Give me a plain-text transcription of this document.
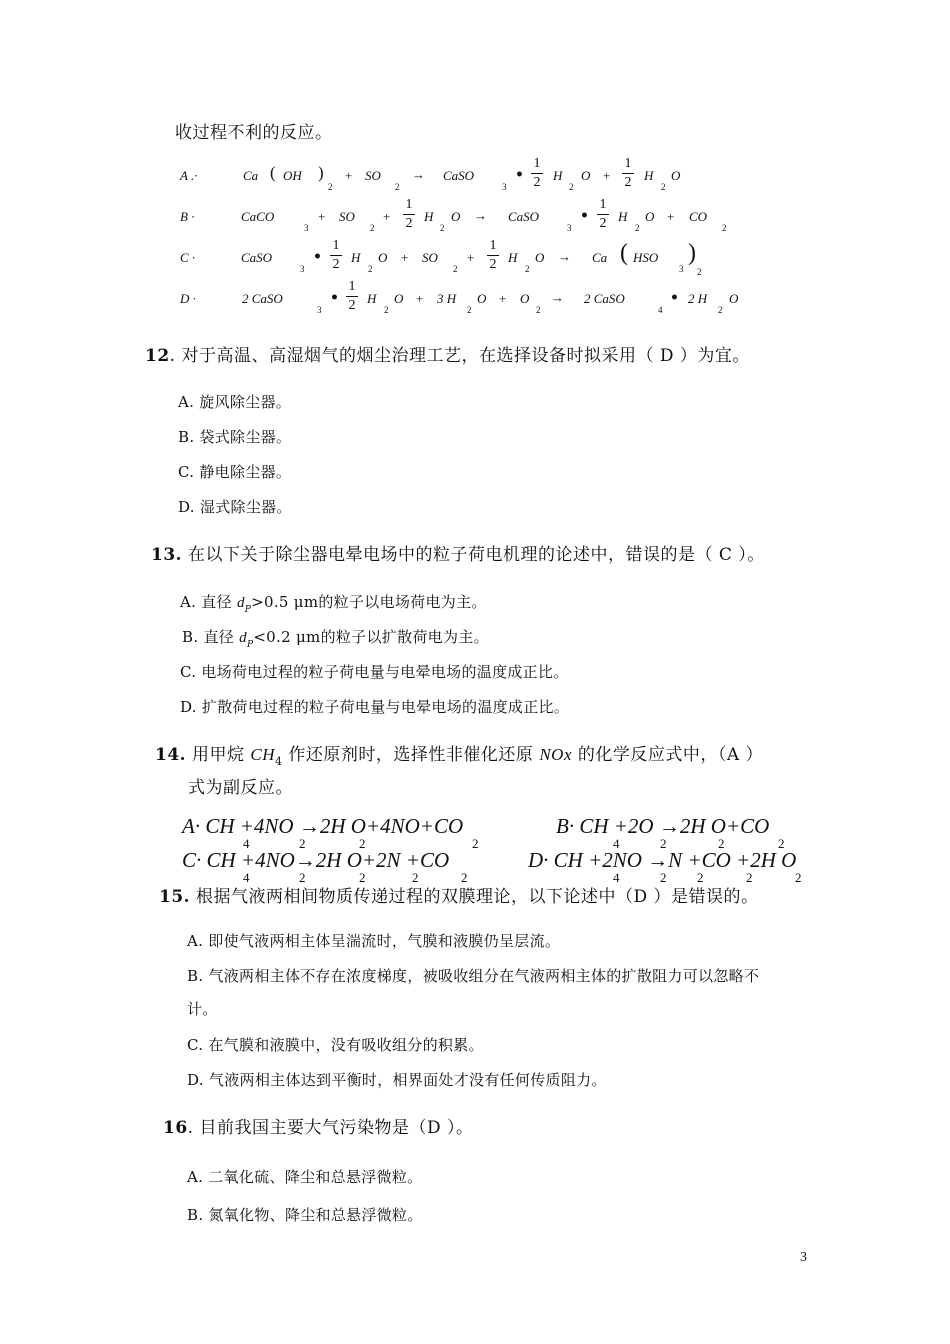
收过程不利的反应。
A .·	Ca ( OH )
2
+ SO
2
→ CaSO
3
•
1
2 H
2
O +
1
2 H
2
O
B ·	CaCO
3
+ SO
2
+
1
2 H
2
O → CaSO
3
•
1
2 H
2
O + CO
2
C ·	CaSO
3
•
1
2 H
2
O + SO
2
+
1
2 H
2
O → Ca ( HSO
3
)
2
D ·	2 CaSO
3
•
1
2 H
2
O + 3 H
2
O + O
2
→ 2 CaSO
4
• 2 H
2
O
12. 对于高温、高湿烟气的烟尘治理工艺，在选择设备时拟采用（ D ）为宜。
A. 旋风除尘器。
B. 袋式除尘器。
C. 静电除尘器。
D. 湿式除尘器。
13. 在以下关于除尘器电晕电场中的粒子荷电机理的论述中，错误的是（ C ）。
A. 直径 $d_P>0.5$ μm的粒子以电场荷电为主。
B. 直径 $d_P<0.2$ μm的粒子以扩散荷电为主。
C. 电场荷电过程的粒子荷电量与电晕电场的温度成正比。
D. 扩散荷电过程的粒子荷电量与电晕电场的温度成正比。
14. 用甲烷 $CH_4$ 作还原剂时，选择性非催化还原 NOx 的化学反应式中，（A ）
式为副反应。
A· CH +4NO →2H O+4NO+CO
4	2	2	2
B· CH +2O →2H O+CO
4	2	2	2
C· CH +4NO→2H O+2N +CO
4	2	2	2	2
D· CH +2NO →N +CO +2H O
4	2 2	2	2
15. 根据气液两相间物质传递过程的双膜理论，以下论述中（D ）是错误的。
A. 即使气液两相主体呈湍流时，气膜和液膜仍呈层流。
B. 气液两相主体不存在浓度梯度，被吸收组分在气液两相主体的扩散阻力可以忽略不
计。
C. 在气膜和液膜中，没有吸收组分的积累。
D. 气液两相主体达到平衡时，相界面处才没有任何传质阻力。
16. 目前我国主要大气污染物是（D ）。
A. 二氧化硫、降尘和总悬浮微粒。
B. 氮氧化物、降尘和总悬浮微粒。
3
